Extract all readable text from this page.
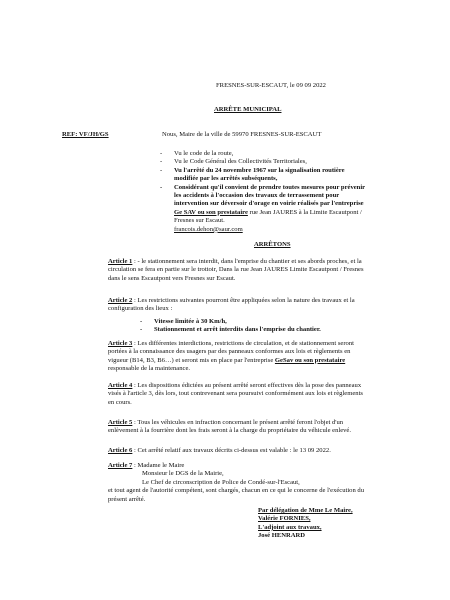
FRESNES-SUR-ESCAUT, le 09 09 2022
ARRÊTE MUNICIPAL
REF: VF/JH/GS	Nous, Maire de la ville de 59970 FRESNES-SUR-ESCAUT
- Vu le code de la route,
- Vu le Code Général des Collectivités Territoriales,
- Vu l'arrêté du 24 novembre 1967 sur la signalisation routière modifiée par les arrêtés subséquents,
- Considérant qu'il convient de prendre toutes mesures pour prévenir les accidents à l'occasion des travaux de terrassement pour intervention sur déversoir d'orage en voirie réalisés par l'entreprise Ge SAV ou son prestataire rue Jean JAURES à la Limite Escautpont / Fresnes sur Escaut.
francois.dehon@saur.com
ARRÊTONS
Article 1 : - le stationnement sera interdit, dans l'emprise du chantier et ses abords proches, et la circulation se fera en partie sur le trottoir, Dans la rue Jean JAURES Limite Escautpont / Fresnes dans le sens Escautpont vers Fresnes sur Escaut.
Article 2 : Les restrictions suivantes pourront être appliquées selon la nature des travaux et la configuration des lieux :
- Vitesse limitée à 30 Km/h,
- Stationnement et arrêt interdits dans l'emprise du chantier.
Article 3 : Les différentes interdictions, restrictions de circulation, et de stationnement seront portées à la connaissance des usagers par des panneaux conformes aux lois et règlements en vigueur (B14, B3, B6…) et seront mis en place par l'entreprise GeSav ou son prestataire responsable de la maintenance.
Article 4 : Les dispositions édictées au présent arrêté seront effectives dès la pose des panneaux visés à l'article 3, dès lors, tout contrevenant sera poursuivi conformément aux lois et règlements en cours.
Article 5 : Tous les véhicules en infraction concernant le présent arrêté feront l'objet d'un enlèvement à la fourrière dont les frais seront à la charge du propriétaire du véhicule enlevé.
Article 6 : Cet arrêté relatif aux travaux décrits ci-dessus est valable : le 13 09 2022.
Article 7 : Madame le Maire
Monsieur le DGS de la Mairie,
Le Chef de circonscription de Police de Condé-sur-l'Escaut,
et tout agent de l'autorité compétent, sont chargés, chacun en ce qui le concerne de l'exécution du présent arrêté.
Par délégation de Mme Le Maire,
Valérie FORNIES,
L'adjoint aux travaux,
José HENRARD
